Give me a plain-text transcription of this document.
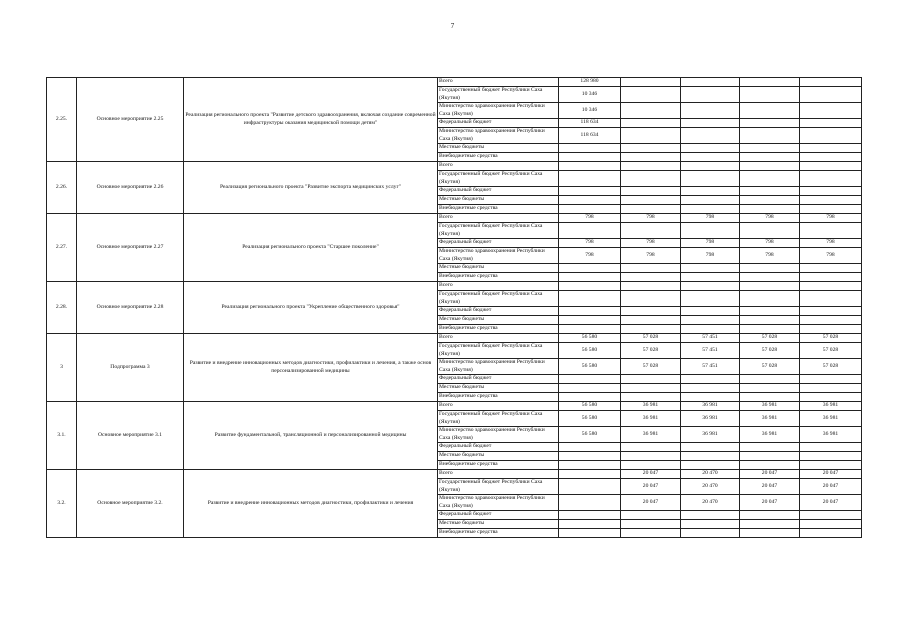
7
2.25.	Основное мероприятие 2.25	Реализация регионального проекта "Развитие детского здравоохранения, включая создание современной инфраструктуры оказания медицинской помощи детям"	Всего	128 980				
			Государственный бюджет Республики Саха (Якутия)	10 346				
			Министерство здравоохранения Республики Саха (Якутия)	10 346				
			Федеральный бюджет	118 634				
			Министерство здравоохранения Республики Саха (Якутия)	118 634				
			Местные бюджеты					
			Внебюджетные средства					
2.26.	Основное мероприятие 2.26	Реализация регионального проекта "Развитие экспорта медицинских услуг"	Всего					
			Государственный бюджет Республики Саха (Якутия)					
			Федеральный бюджет					
			Местные бюджеты					
			Внебюджетные средства					
2.27.	Основное мероприятие 2.27	Реализация регионального проекта "Старшее поколение"	Всего	798	798	798	798	798
			Государственный бюджет Республики Саха (Якутия)					
			Федеральный бюджет	798	798	798	798	798
			Министерство здравоохранения Республики Саха (Якутия)	798	798	798	798	798
			Местные бюджеты					
			Внебюджетные средства					
2.28.	Основное мероприятие 2.28	Реализация регионального проекта "Укрепление общественного здоровья"	Всего					
			Государственный бюджет Республики Саха (Якутия)					
			Федеральный бюджет					
			Местные бюджеты					
			Внебюджетные средства					
3	Подпрограмма 3	Развитие и внедрение инновационных методов диагностики, профилактики и лечения, а также основ персонализированной медицины	Всего	56 580	57 028	57 451	57 028	57 028
			Государственный бюджет Республики Саха (Якутия)	56 580	57 028	57 451	57 028	57 028
			Министерство здравоохранения Республики Саха (Якутия)	56 580	57 028	57 451	57 028	57 028
			Федеральный бюджет					
			Местные бюджеты					
			Внебюджетные средства					
3.1.	Основное мероприятие 3.1	Развитие фундаментальной, трансляционной и персонализированной медицины	Всего	56 580	36 981	36 981	36 981	36 981
			Государственный бюджет Республики Саха (Якутия)	56 580	36 981	36 981	36 981	36 981
			Министерство здравоохранения Республики Саха (Якутия)	56 580	36 981	36 981	36 981	36 981
			Федеральный бюджет					
			Местные бюджеты					
			Внебюджетные средства					
3.2.	Основное мероприятие 3.2.	Развитие и внедрение инновационных методов диагностики, профилактики и лечения	Всего		20 047	20 470	20 047	20 047
			Государственный бюджет Республики Саха (Якутия)		20 047	20 470	20 047	20 047
			Министерство здравоохранения Республики Саха (Якутия)		20 047	20 470	20 047	20 047
			Федеральный бюджет					
			Местные бюджеты					
			Внебюджетные средства					
